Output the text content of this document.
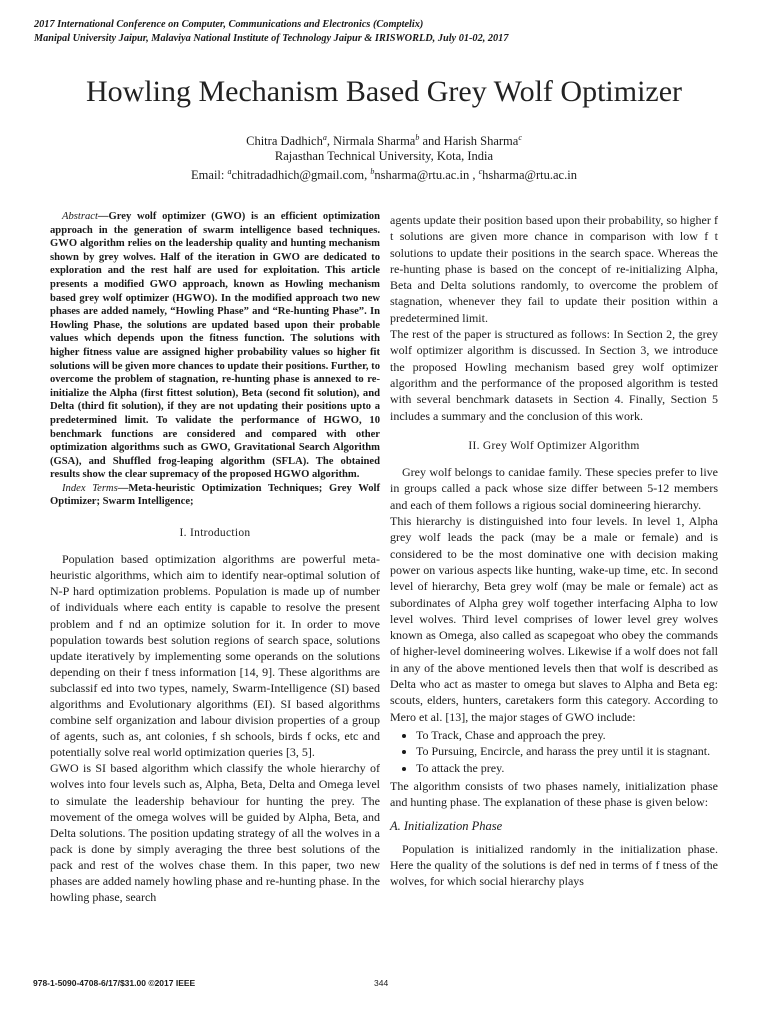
2017 International Conference on Computer, Communications and Electronics (Comptelix)
Manipal University Jaipur, Malaviya National Institute of Technology Jaipur & IRISWORLD, July 01-02, 2017
Howling Mechanism Based Grey Wolf Optimizer
Chitra Dadhich$^a$, Nirmala Sharma$^b$ and Harish Sharma$^c$
Rajasthan Technical University, Kota, India
Email: $^a$chitradadhich@gmail.com, $^b$nsharma@rtu.ac.in , $^c$hsharma@rtu.ac.in

Abstract—Grey wolf optimizer (GWO) is an efficient optimization approach in the generation of swarm intelligence based techniques. GWO algorithm relies on the leadership quality and hunting mechanism shown by grey wolves. Half of the iteration in GWO are dedicated to exploration and the rest half are used for exploitation. This article presents a modified GWO approach, known as Howling mechanism based grey wolf optimizer (HGWO). In the modified approach two new phases are added namely, “Howling Phase” and “Re-hunting Phase”. In Howling Phase, the solutions are updated based upon their probable values which depends upon the fitness function. The solutions with higher fitness value are assigned higher probability values so higher fit solutions will be given more chances to update their positions. Further, to overcome the problem of stagnation, re-hunting phase is annexed to re-initialize the Alpha (first fittest solution), Beta (second fit solution), and Delta (third fit solution), if they are not updating their positions upto a predetermined limit. To validate the performance of HGWO, 10 benchmark functions are considered and compared with other optimization algorithms such as GWO, Gravitational Search Algorithm (GSA), and Shuffled frog-leaping algorithm (SFLA). The obtained results show the clear supremacy of the proposed HGWO algorithm.

Index Terms—Meta-heuristic Optimization Techniques; Grey Wolf Optimizer; Swarm Intelligence;

I. Introduction

Population based optimization algorithms are powerful meta-heuristic algorithms, which aim to identify near-optimal solution of N-P hard optimization problems. Population is made up of number of individuals where each entity is capable to resolve the present problem and f nd an optimize solution for it. In order to move population towards best solution regions of search space, solutions update iteratively by implementing some operands on the solutions depending on their f tness information [14, 9]. These algorithms are subclassif ed into two types, namely, Swarm-Intelligence (SI) based algorithms and Evolutionary algorithms (EI). SI based algorithms combine self organization and labour division properties of a group of agents, such as, ant colonies, f sh schools, birds f ocks, etc and potentially solve real world optimization queries [3, 5].

GWO is SI based algorithm which classify the whole hierarchy of wolves into four levels such as, Alpha, Beta, Delta and Omega level to simulate the leadership behaviour for hunting the prey. The movement of the omega wolves will be guided by Alpha, Beta, and Delta solutions. The position updating strategy of all the wolves in a pack is done by simply averaging the three best solutions of the pack and rest of the wolves chase them. In this paper, two new phases are added namely howling phase and re-hunting phase. In the howling phase, search

agents update their position based upon their probability, so higher f t solutions are given more chance in comparison with low f t solutions to update their positions in the search space. Whereas the re-hunting phase is based on the concept of re-initializing Alpha, Beta and Delta solutions randomly, to overcome the problem of stagnation, whenever they fail to update their position within a predetermined limit.

The rest of the paper is structured as follows: In Section 2, the grey wolf optimizer algorithm is discussed. In Section 3, we introduce the proposed Howling mechanism based grey wolf optimizer algorithm and the performance of the proposed algorithm is tested with several benchmark datasets in Section 4. Finally, Section 5 includes a summary and the conclusion of this work.

II. Grey Wolf Optimizer Algorithm

Grey wolf belongs to canidae family. These species prefer to live in groups called a pack whose size differ between 5-12 members and each of them follows a rigious social domineering hierarchy.

This hierarchy is distinguished into four levels. In level 1, Alpha grey wolf leads the pack (may be a male or female) and is considered to be the most dominative one with decision making power on various aspects like hunting, wake-up time, etc. In second level of hierarchy, Beta grey wolf (may be male or female) act as subordinates of Alpha grey wolf together interfacing Alpha to low level wolves. Third level comprises of lower level grey wolves known as Omega, also called as scapegoat who obey the commands of higher-level domineering wolves. Likewise if a wolf does not fall in any of the above mentioned levels then that wolf is described as Delta who act as master to omega but slaves to Alpha and Beta eg: scouts, elders, hunters, caretakers form this category. According to Mero et al. [13], the major stages of GWO include:

• To Track, Chase and approach the prey.
• To Pursuing, Encircle, and harass the prey until it is stagnant.
• To attack the prey.

The algorithm consists of two phases namely, initialization phase and hunting phase. The explanation of these phase is given below:

A. Initialization Phase

Population is initialized randomly in the initialization phase. Here the quality of the solutions is def ned in terms of f tness of the wolves, for which social hierarchy plays

978-1-5090-4708-6/17/$31.00 ©2017 IEEE	344
